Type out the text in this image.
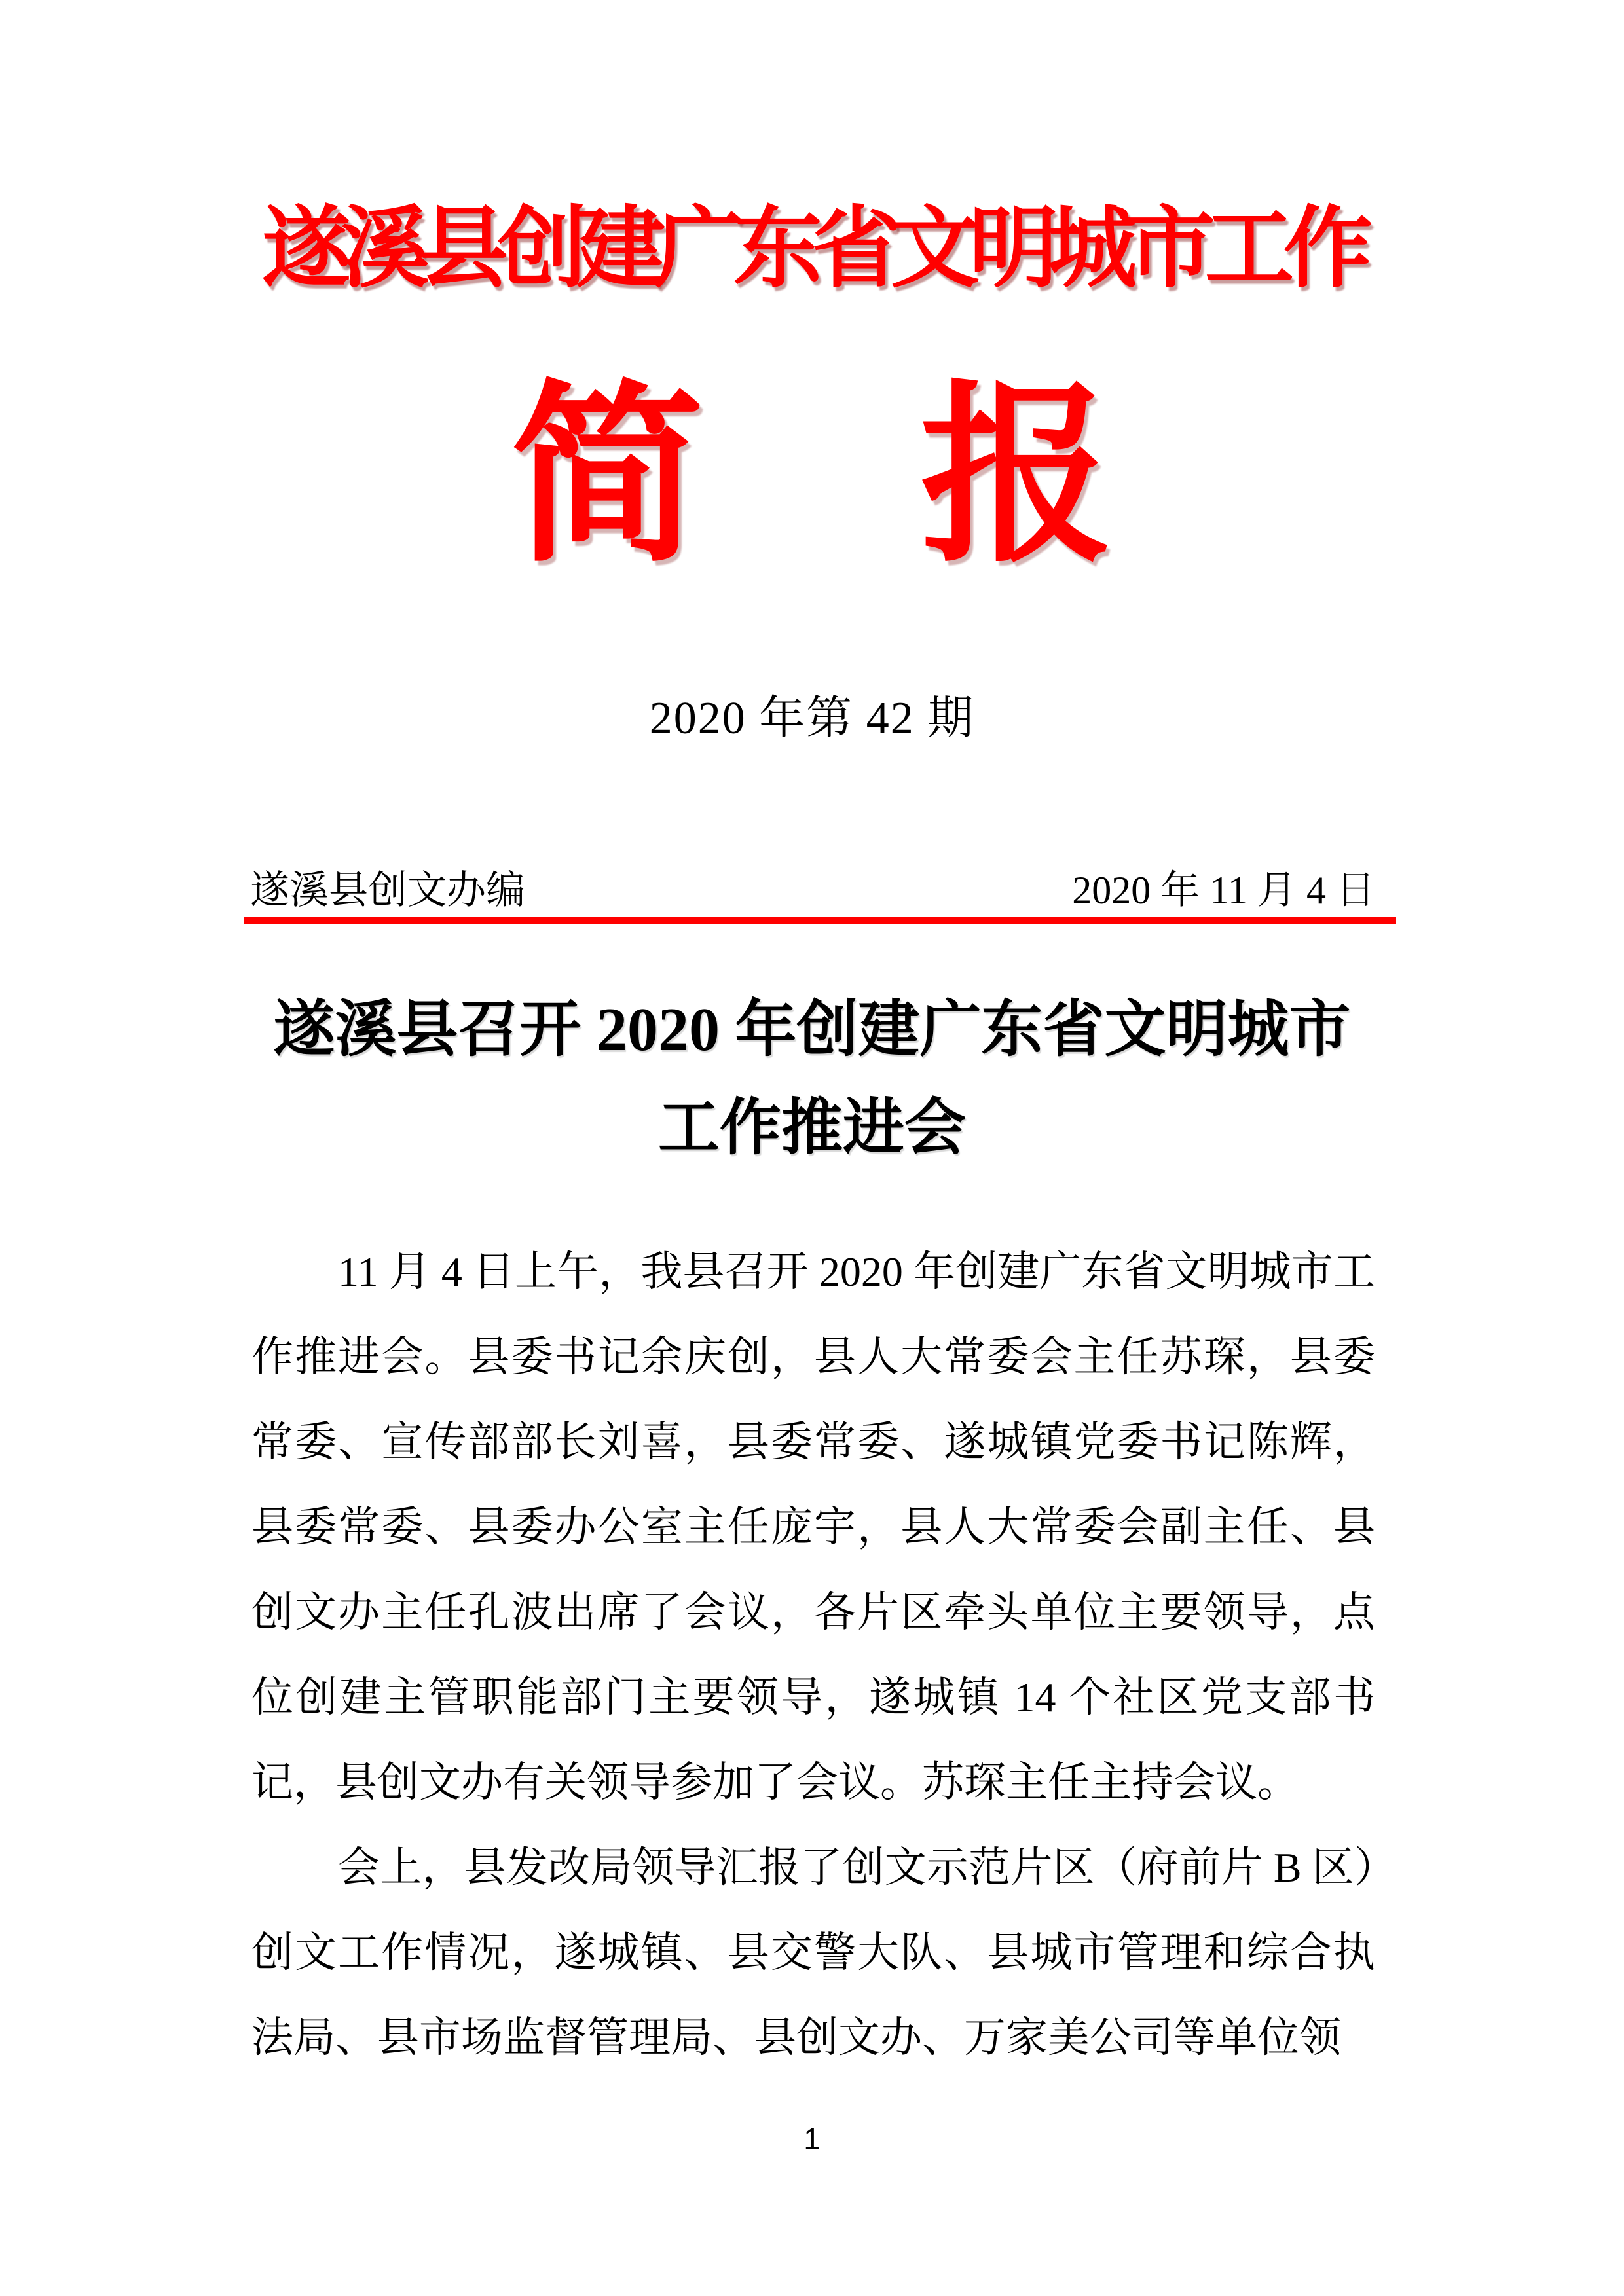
遂溪县创建广东省文明城市工作
简 报
2020 年第 42 期
遂溪县创文办编	2020 年 11 月 4 日
遂溪县召开 2020 年创建广东省文明城市
工作推进会

11 月 4 日上午，我县召开 2020 年创建广东省文明城市工作推进会。县委书记余庆创，县人大常委会主任苏琛，县委常委、宣传部部长刘喜，县委常委、遂城镇党委书记陈辉，县委常委、县委办公室主任庞宇，县人大常委会副主任、县创文办主任孔波出席了会议，各片区牵头单位主要领导，点位创建主管职能部门主要领导，遂城镇 14 个社区党支部书记，县创文办有关领导参加了会议。苏琛主任主持会议。

会上，县发改局领导汇报了创文示范片区（府前片 B 区）创文工作情况，遂城镇、县交警大队、县城市管理和综合执法局、县市场监督管理局、县创文办、万家美公司等单位领

1
